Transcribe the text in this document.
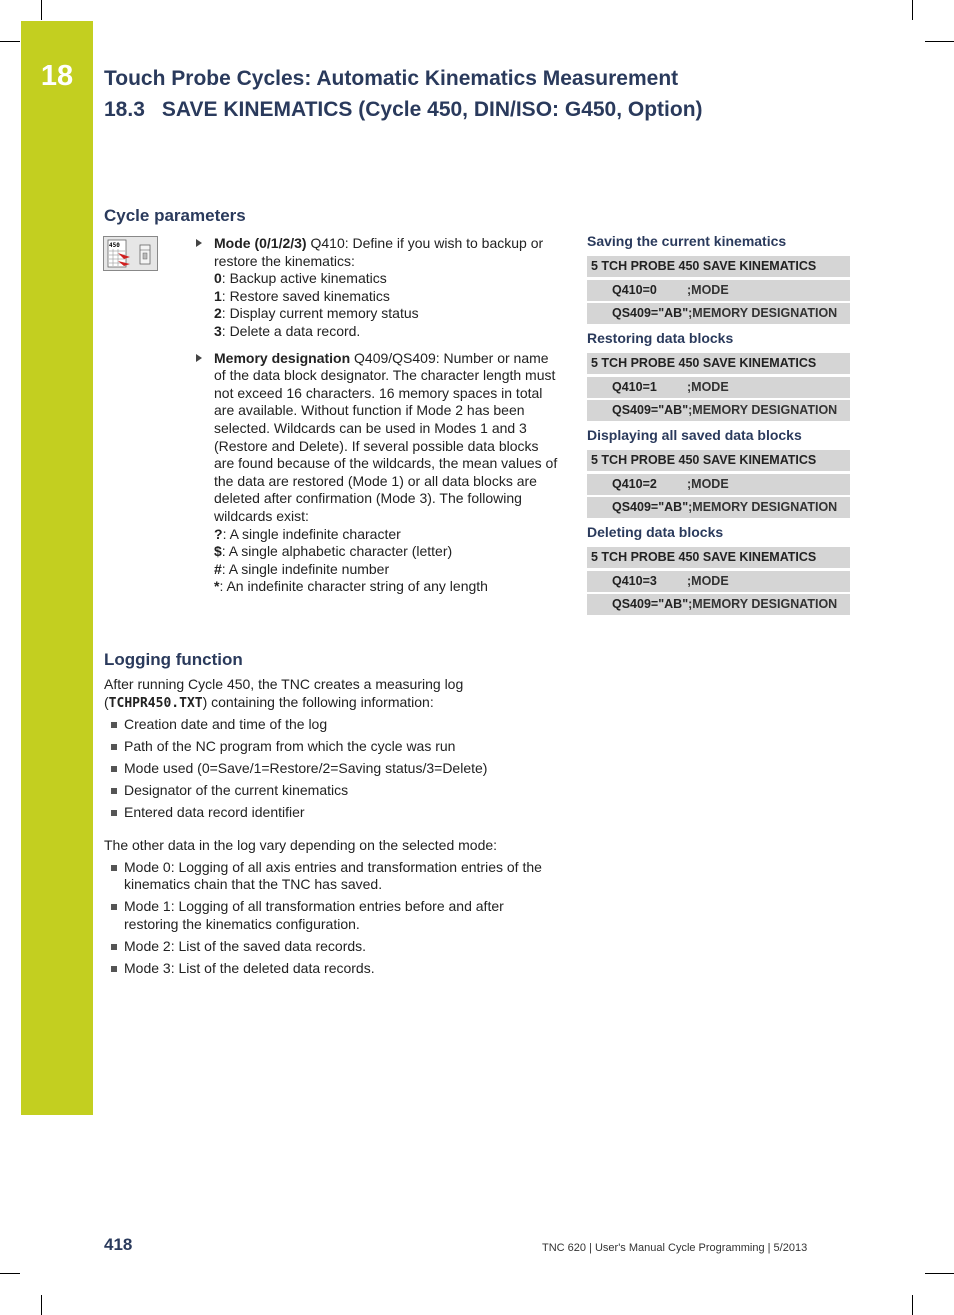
18	Touch Probe Cycles: Automatic Kinematics Measurement
18.3 SAVE KINEMATICS (Cycle 450, DIN/ISO: G450, Option)
Cycle parameters
450	Mode (0/1/2/3) Q410: Define if you wish to backup or restore the kinematics:
0: Backup active kinematics
1: Restore saved kinematics
2: Display current memory status
3: Delete a data record.
Memory designation Q409/QS409: Number or name of the data block designator. The character length must not exceed 16 characters. 16 memory spaces in total are available. Without function if Mode 2 has been selected. Wildcards can be used in Modes 1 and 3 (Restore and Delete). If several possible data blocks are found because of the wildcards, the mean values of the data are restored (Mode 1) or all data blocks are deleted after confirmation (Mode 3). The following wildcards exist:
?: A single indefinite character
$: A single alphabetic character (letter)
#: A single indefinite number
*: An indefinite character string of any length
Logging function

After running Cycle 450, the TNC creates a measuring log (TCHPR450.TXT) containing the following information:

Creation date and time of the log
Path of the NC program from which the cycle was run
Mode used (0=Save/1=Restore/2=Saving status/3=Delete)
Designator of the current kinematics
Entered data record identifier

The other data in the log vary depending on the selected mode:

Mode 0: Logging of all axis entries and transformation entries of the kinematics chain that the TNC has saved.
Mode 1: Logging of all transformation entries before and after restoring the kinematics configuration.
Mode 2: List of the saved data records.
Mode 3: List of the deleted data records.
Saving the current kinematics
5 TCH PROBE 450 SAVE KINEMATICS
Q410=0 ;MODE
QS409="AB";MEMORY DESIGNATION
Restoring data blocks
5 TCH PROBE 450 SAVE KINEMATICS
Q410=1 ;MODE
QS409="AB";MEMORY DESIGNATION
Displaying all saved data blocks
5 TCH PROBE 450 SAVE KINEMATICS
Q410=2 ;MODE
QS409="AB";MEMORY DESIGNATION
Deleting data blocks
5 TCH PROBE 450 SAVE KINEMATICS
Q410=3 ;MODE
QS409="AB";MEMORY DESIGNATION
418	TNC 620 | User's Manual Cycle Programming | 5/2013
